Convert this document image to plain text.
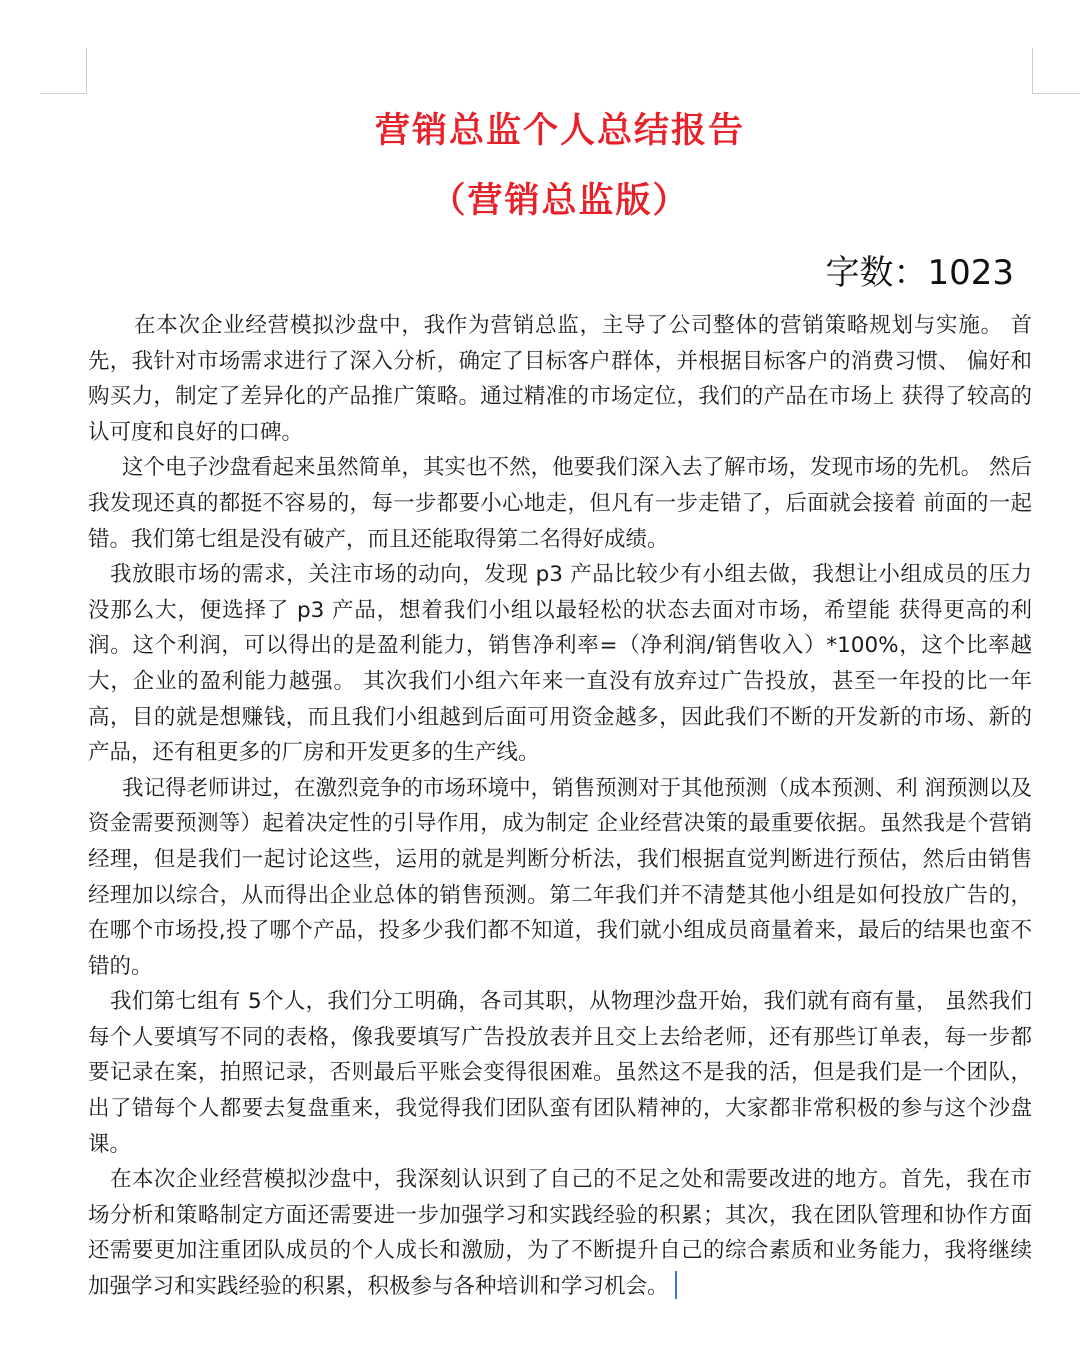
营销总监个人总结报告
（营销总监版）
字数：1023

在本次企业经营模拟沙盘中，我作为营销总监，主导了公司整体的营销策略规划与实施。 首先，我针对市场需求进行了深入分析，确定了目标客户群体，并根据目标客户的消费习惯、 偏好和购买力，制定了差异化的产品推广策略。通过精准的市场定位，我们的产品在市场上 获得了较高的认可度和良好的口碑。

这个电子沙盘看起来虽然简单，其实也不然，他要我们深入去了解市场，发现市场的先机。 然后我发现还真的都挺不容易的，每一步都要小心地走，但凡有一步走错了，后面就会接着 前面的一起错。我们第七组是没有破产，而且还能取得第二名得好成绩。

我放眼市场的需求，关注市场的动向，发现 p3 产品比较少有小组去做，我想让小组成员的压力没那么大，便选择了 p3 产品，想着我们小组以最轻松的状态去面对市场，希望能 获得更高的利润。这个利润，可以得出的是盈利能力，销售净利率=（净利润/销售收入）*100%，这个比率越大，企业的盈利能力越强。 其次我们小组六年来一直没有放弃过广告投放，甚至一年投的比一年高，目的就是想赚钱，而且我们小组越到后面可用资金越多，因此我们不断的开发新的市场、新的产品，还有租更多的厂房和开发更多的生产线。

我记得老师讲过，在激烈竞争的市场环境中，销售预测对于其他预测（成本预测、利 润预测以及资金需要预测等）起着决定性的引导作用，成为制定 企业经营决策的最重要依据。虽然我是个营销经理，但是我们一起讨论这些，运用的就是判断分析法，我们根据直觉判断进行预估，然后由销售经理加以综合，从而得出企业总体的销售预测。第二年我们并不清楚其他小组是如何投放广告的，在哪个市场投,投了哪个产品，投多少我们都不知道，我们就小组成员商量着来，最后的结果也蛮不错的。

我们第七组有 5个人，我们分工明确，各司其职，从物理沙盘开始，我们就有商有量， 虽然我们每个人要填写不同的表格，像我要填写广告投放表并且交上去给老师，还有那些订单表，每一步都要记录在案，拍照记录，否则最后平账会变得很困难。虽然这不是我的活，但是我们是一个团队，出了错每个人都要去复盘重来，我觉得我们团队蛮有团队精神的，大家都非常积极的参与这个沙盘课。

在本次企业经营模拟沙盘中，我深刻认识到了自己的不足之处和需要改进的地方。首先，我在市场分析和策略制定方面还需要进一步加强学习和实践经验的积累；其次，我在团队管理和协作方面还需要更加注重团队成员的个人成长和激励，为了不断提升自己的综合素质和业务能力，我将继续加强学习和实践经验的积累，积极参与各种培训和学习机会。
